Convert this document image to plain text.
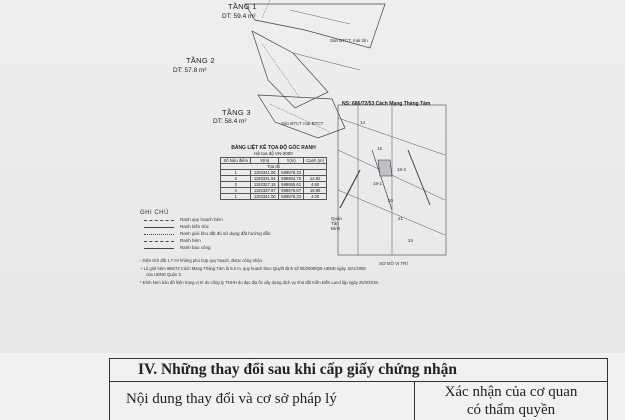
TẦNG 1
DT: 59.4 m²
TẦNG 2
DT: 57.8 m²
TẦNG 3
DT: 58.4 m²
Sàn BTCT, mái tôn
Sàn BTCT mái BTCT
BẢNG LIỆT KÊ TỌA ĐỘ GÓC RANH
Hệ tọa độ VN-2000
Số hiệu điểm	X(m)	Y(m)	Cạnh (m)
Tọa độ			
1	1193341.06	599876.33	
2	1193331.64	599864.76	14.92
3	1193327.15	599865.61	4.60
4	1193337.97	599876.87	15.90
1	1193341.06	599876.33	4.00
GHI CHÚ
Ranh quy hoạch hẻm
Ranh kiến trúc
Ranh giới khu đất đủ sử dụng đất hướng dẫn
Ranh hẻm
Ranh bao công
- Diện tích đất 1.7 m² không phù hợp quy hoạch, được công nhận.
+ Lộ giới hẻm 686/72 Cách Mạng Tháng Tám là 6.0 m, quy hoạch theo Quyết định số 05/2008/QĐ-UBND ngày 18/1/2008
của UBND Quận 3.
* Đính kèm bản đồ hiện trạng vị trí do công ty TNHH do đạc địa ốc xây dựng dịch vụ nhà đất Kiến Điền Land lập ngày 25/3/2019.
NS: 686/72/53 Cách Mạng Tháng Tám
14
15
18-2
18-1
20
21
24
Quận Tân Bình
SƠ ĐỒ VỊ TRÍ
IV. Những thay đổi sau khi cấp giấy chứng nhận
Nội dung thay đổi và cơ sở pháp lý	Xác nhận của cơ quan
có thẩm quyền
